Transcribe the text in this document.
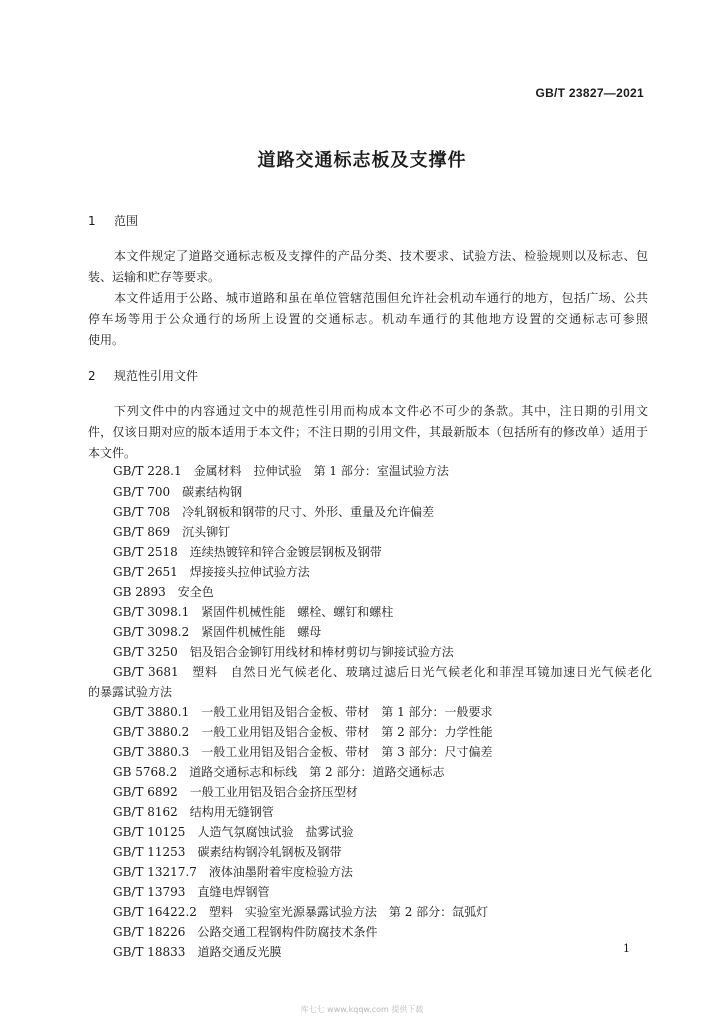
GB/T 23827—2021
道路交通标志板及支撑件
1 范围
本文件规定了道路交通标志板及支撑件的产品分类、技术要求、试验方法、检验规则以及标志、包
装、运输和贮存等要求。
本文件适用于公路、城市道路和虽在单位管辖范围但允许社会机动车通行的地方，包括广场、公共
停车场等用于公众通行的场所上设置的交通标志。机动车通行的其他地方设置的交通标志可参照
使用。
2 规范性引用文件
下列文件中的内容通过文中的规范性引用而构成本文件必不可少的条款。其中，注日期的引用文
件，仅该日期对应的版本适用于本文件；不注日期的引用文件，其最新版本（包括所有的修改单）适用于
本文件。
GB/T 228.1　金属材料　拉伸试验　第 1 部分：室温试验方法
GB/T 700　碳素结构钢
GB/T 708　冷轧钢板和钢带的尺寸、外形、重量及允许偏差
GB/T 869　沉头铆钉
GB/T 2518　连续热镀锌和锌合金镀层钢板及钢带
GB/T 2651　焊接接头拉伸试验方法
GB 2893　安全色
GB/T 3098.1　紧固件机械性能　螺栓、螺钉和螺柱
GB/T 3098.2　紧固件机械性能　螺母
GB/T 3250　铝及铝合金铆钉用线材和棒材剪切与铆接试验方法
GB/T 3681　塑料　自然日光气候老化、玻璃过滤后日光气候老化和菲涅耳镜加速日光气候老化
的暴露试验方法
GB/T 3880.1　一般工业用铝及铝合金板、带材　第 1 部分：一般要求
GB/T 3880.2　一般工业用铝及铝合金板、带材　第 2 部分：力学性能
GB/T 3880.3　一般工业用铝及铝合金板、带材　第 3 部分：尺寸偏差
GB 5768.2　道路交通标志和标线　第 2 部分：道路交通标志
GB/T 6892　一般工业用铝及铝合金挤压型材
GB/T 8162　结构用无缝钢管
GB/T 10125　人造气氛腐蚀试验　盐雾试验
GB/T 11253　碳素结构钢冷轧钢板及钢带
GB/T 13217.7　液体油墨附着牢度检验方法
GB/T 13793　直缝电焊钢管
GB/T 16422.2　塑料　实验室光源暴露试验方法　第 2 部分：氙弧灯
GB/T 18226　公路交通工程钢构件防腐技术条件
GB/T 18833　道路交通反光膜	1
库七七 www.kqqw.com 提供下载
